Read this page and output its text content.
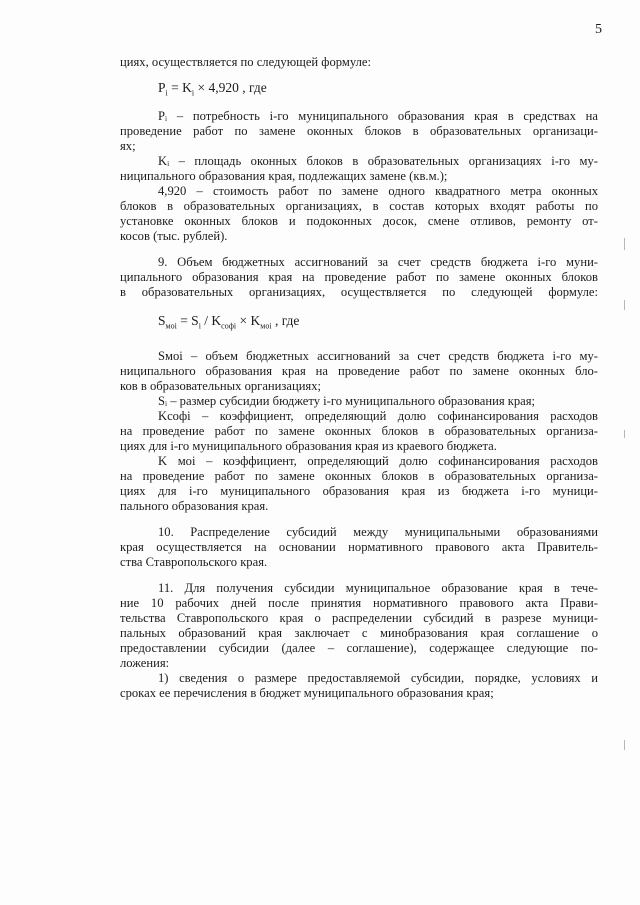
5
циях, осуществляется по следующей формуле:
$P_i = K_i \times 4,920$ , где
Pᵢ – потребность i-го муниципального образования края в средствах на
проведение работ по замене оконных блоков в образовательных организаци-
ях;
Kᵢ – площадь оконных блоков в образовательных организациях i-го му-
ниципального образования края, подлежащих замене (кв.м.);
4,920 – стоимость работ по замене одного квадратного метра оконных
блоков в образовательных организациях, в состав которых входят работы по
установке оконных блоков и подоконных досок, смене отливов, ремонту от-
косов (тыс. рублей).
9. Объем бюджетных ассигнований за счет средств бюджета i-го муни-
ципального образования края на проведение работ по замене оконных блоков
в образовательных организациях, осуществляется по следующей формуле:
$S_{моi} = S_i / K_{софi} \times K_{моi}$ , где
Sмоi – объем бюджетных ассигнований за счет средств бюджета i-го му-
ниципального образования края на проведение работ по замене оконных бло-
ков в образовательных организациях;
Sᵢ – размер субсидии бюджету i-го муниципального образования края;
Kсофi – коэффициент, определяющий долю софинансирования расходов
на проведение работ по замене оконных блоков в образовательных организа-
циях для i-го муниципального образования края из краевого бюджета.
K моi – коэффициент, определяющий долю софинансирования расходов
на проведение работ по замене оконных блоков в образовательных организа-
циях для i-го муниципального образования края из бюджета i-го муници-
пального образования края.
10. Распределение субсидий между муниципальными образованиями
края осуществляется на основании нормативного правового акта Правитель-
ства Ставропольского края.
11. Для получения субсидии муниципальное образование края в тече-
ние 10 рабочих дней после принятия нормативного правового акта Прави-
тельства Ставропольского края о распределении субсидий в разрезе муници-
пальных образований края заключает с минобразования края соглашение о
предоставлении субсидии (далее – соглашение), содержащее следующие по-
ложения:
1) сведения о размере предоставляемой субсидии, порядке, условиях и
сроках ее перечисления в бюджет муниципального образования края;
